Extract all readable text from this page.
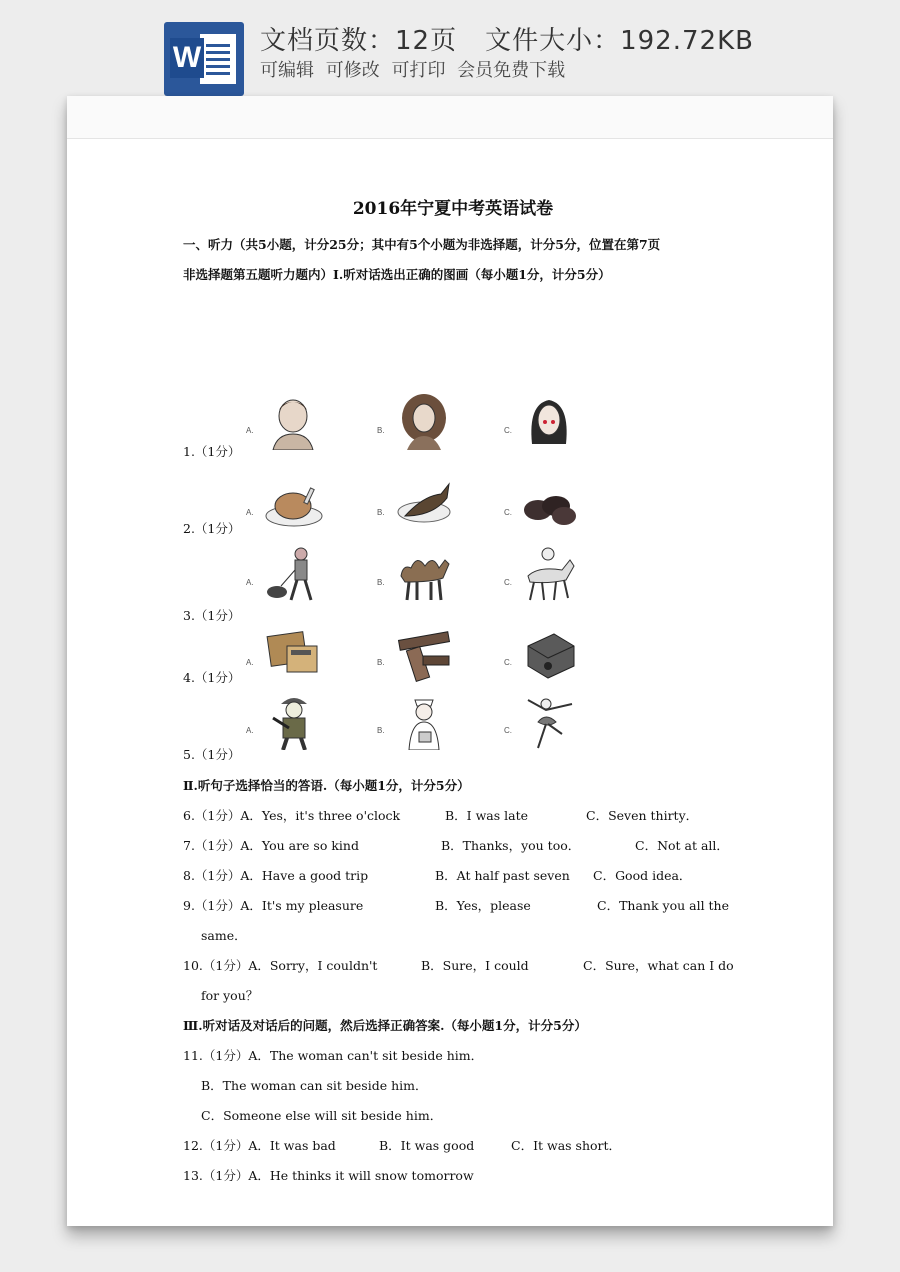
W 文档页数：12页 文件大小：192.72KB
可编辑 可修改 可打印 会员免费下载
2016年宁夏中考英语试卷
一、听力（共5小题，计分25分；其中有5个小题为非选择题，计分5分，位置在第7页
非选择题第五题听力题内）Ⅰ.听对话选出正确的图画（每小题1分，计分5分）
1.（1分）
A.	B.	C.
2.（1分）
A.	B.	C.
3.（1分）
A.	B.	C.
4.（1分）
A.	B.	C.
5.（1分）
A.	B.	C.
Ⅱ.听句子选择恰当的答语.（每小题1分，计分5分）
6.（1分）A．Yes，it's three o'clock	B．I was late	C．Seven thirty．
7.（1分）A．You are so kind	B．Thanks，you too．	C．Not at all．
8.（1分）A．Have a good trip	B．At half past seven C．Good idea．
9.（1分）A．It's my pleasure	B．Yes，please	C．Thank you all the
same．
10.（1分）A．Sorry，I couldn't	B．Sure，I could	C．Sure，what can I do
for you？
Ⅲ.听对话及对话后的问题，然后选择正确答案.（每小题1分，计分5分）
11.（1分）A．The woman can't sit beside him．
B．The woman can sit beside him．
C．Someone else will sit beside him．
12.（1分）A．It was bad	B．It was good	C．It was short．
13.（1分）A．He thinks it will snow tomorrow
